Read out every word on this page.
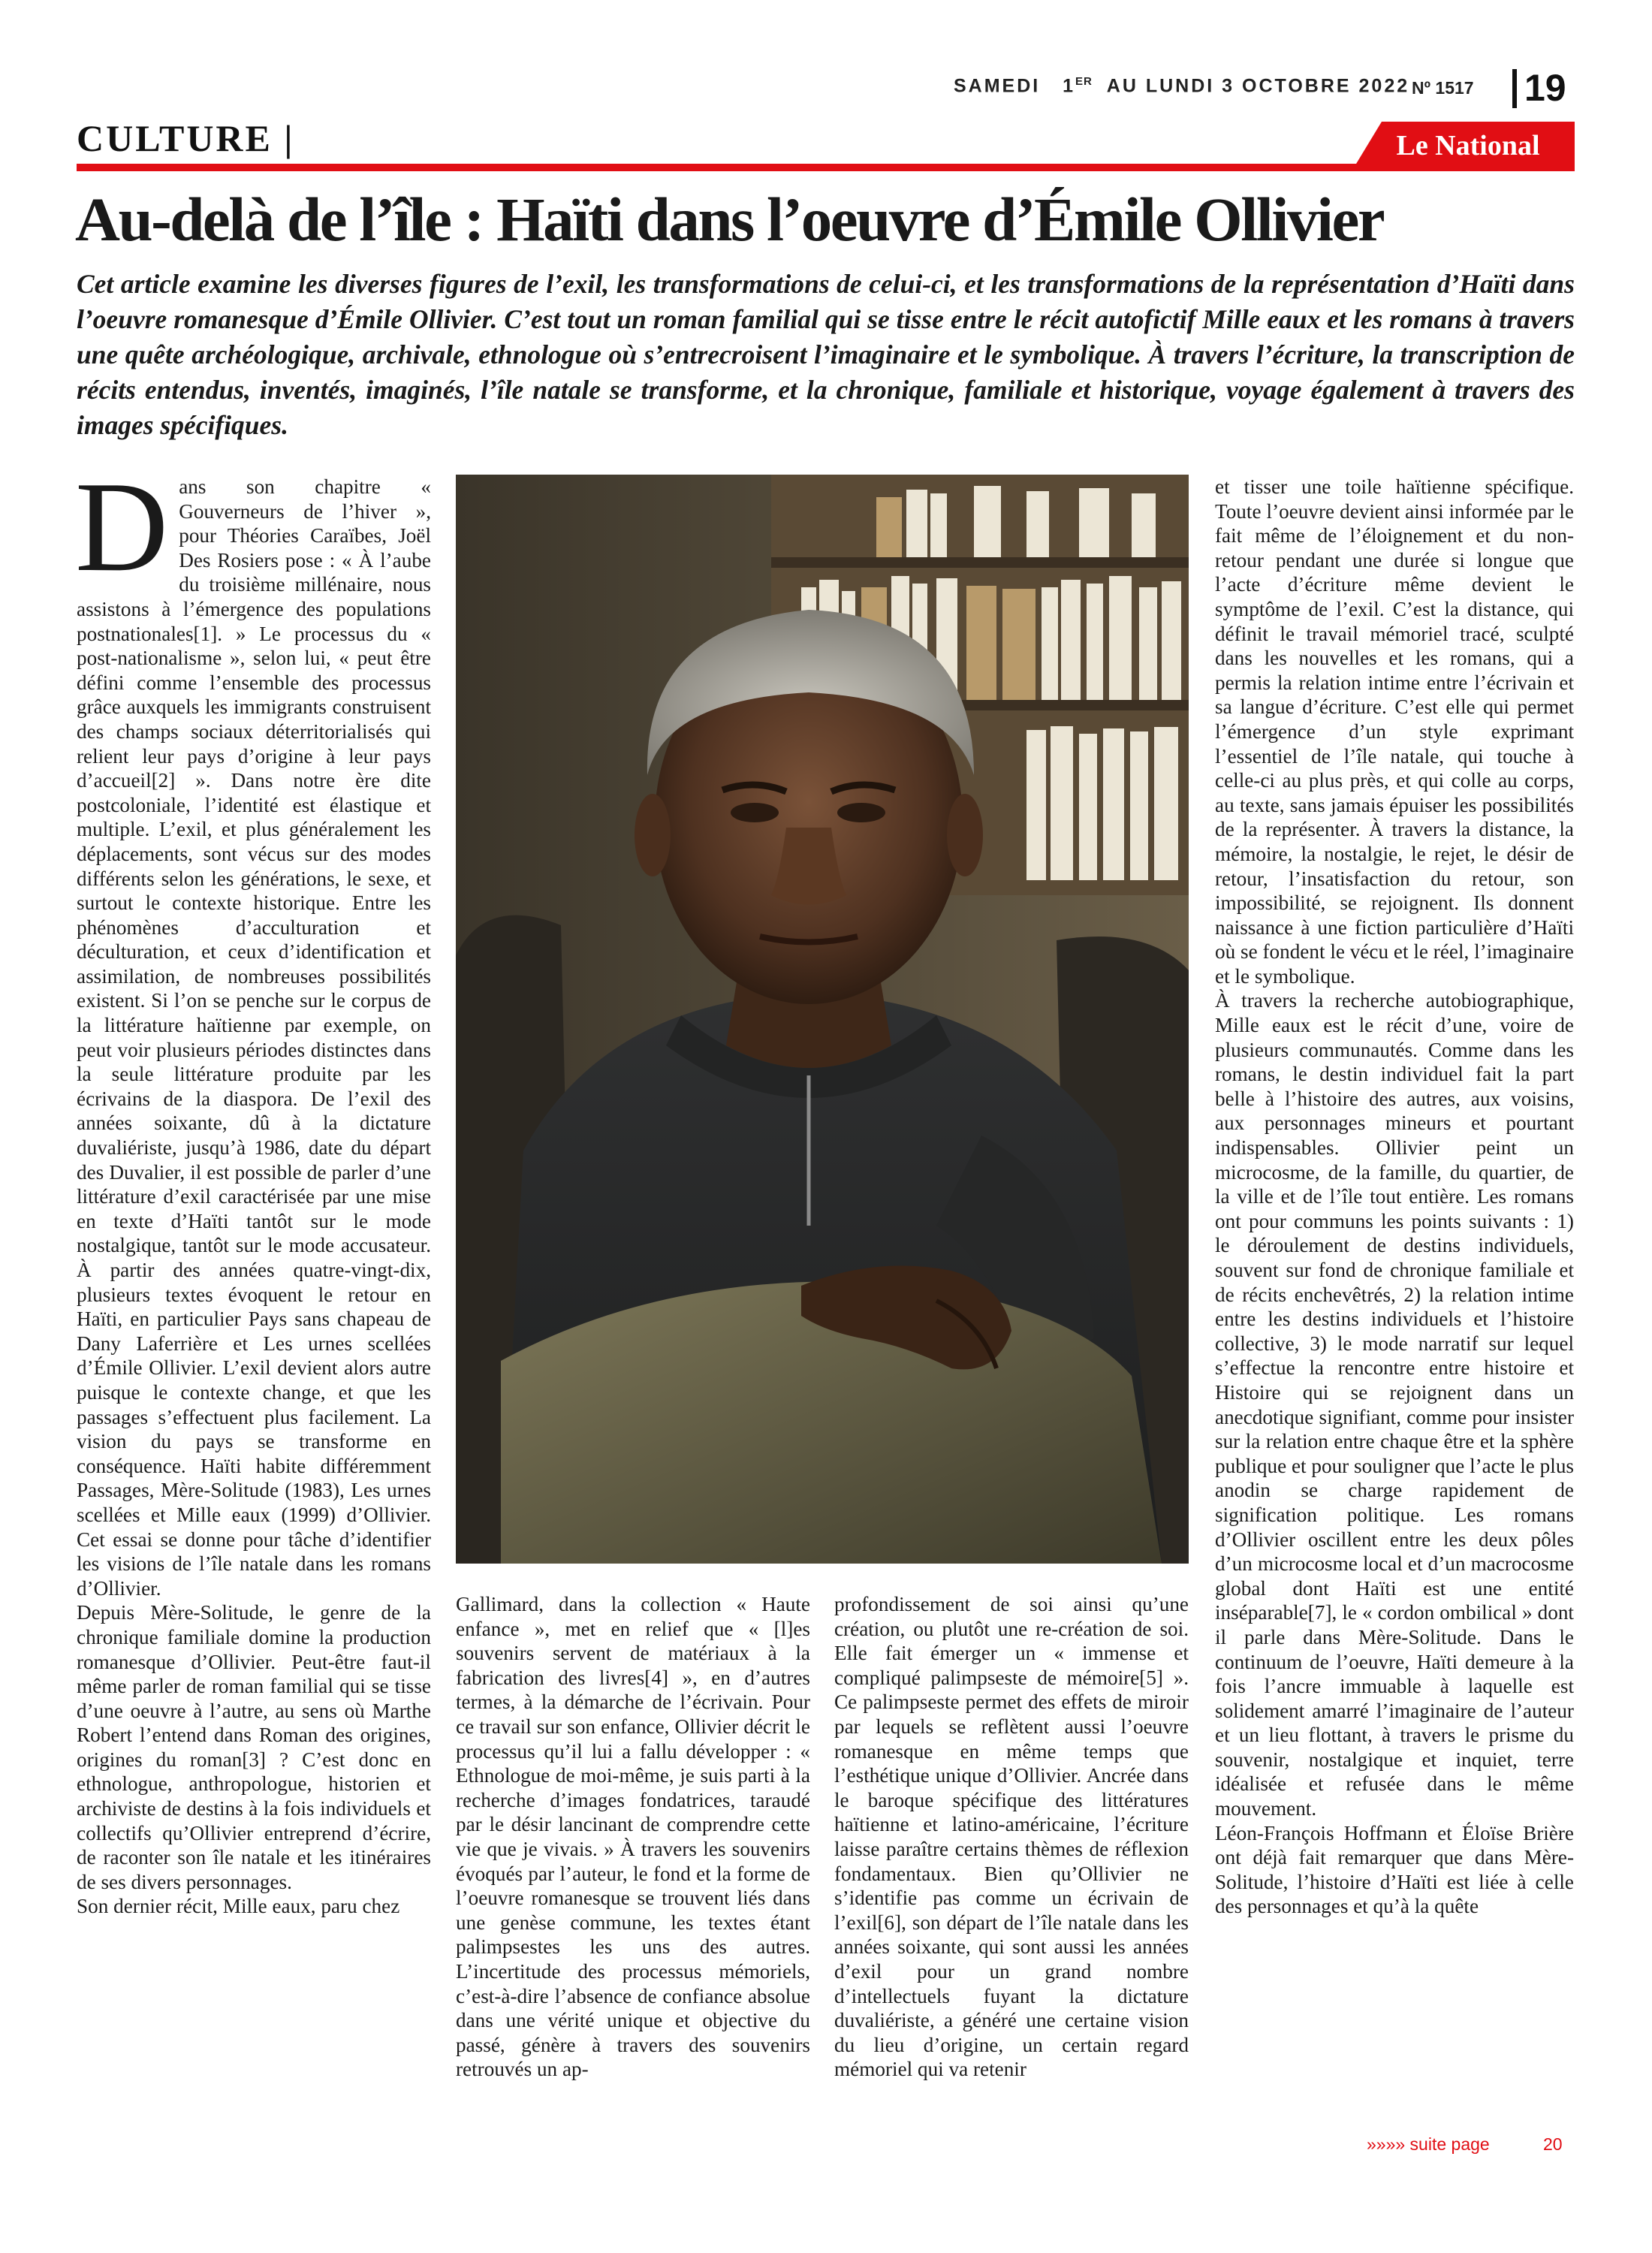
SAMEDI 1ER AU LUNDI 3 OCTOBRE 2022 Nº 1517 19
CULTURE |	Le National
Au-delà de l’île : Haïti dans l’oeuvre d’Émile Ollivier
Cet article examine les diverses figures de l’exil, les transformations de celui-ci, et les transformations de la représentation d’Haïti dans l’oeuvre romanesque d’Émile Ollivier. C’est tout un roman familial qui se tisse entre le récit autofictif Mille eaux et les romans à travers une quête archéologique, archivale, ethnologue où s’entrecroisent l’imaginaire et le symbolique. À travers l’écriture, la transcription de récits entendus, inventés, imaginés, l’île natale se transforme, et la chronique, familiale et historique, voyage également à travers des images spécifiques.
D ans son chapitre « Gouverneurs de l’hiver », pour Théories Caraïbes, Joël Des Rosiers pose : « À l’aube du troisième millénaire, nous assistons à l’émergence des populations postnationales[1]. » Le processus du « post-nationalisme », selon lui, « peut être défini comme l’ensemble des processus grâce auxquels les immigrants construisent des champs sociaux déterritorialisés qui relient leur pays d’origine à leur pays d’accueil[2] ». Dans notre ère dite postcoloniale, l’identité est élastique et multiple. L’exil, et plus généralement les déplacements, sont vécus sur des modes différents selon les générations, le sexe, et surtout le contexte historique. Entre les phénomènes d’acculturation et déculturation, et ceux d’identification et assimilation, de nombreuses possibilités existent. Si l’on se penche sur le corpus de la littérature haïtienne par exemple, on peut voir plusieurs périodes distinctes dans la seule littérature produite par les écrivains de la diaspora. De l’exil des années soixante, dû à la dictature duvaliériste, jusqu’à 1986, date du départ des Duvalier, il est possible de parler d’une littérature d’exil caractérisée par une mise en texte d’Haïti tantôt sur le mode nostalgique, tantôt sur le mode accusateur. À partir des années quatre-vingt-dix, plusieurs textes évoquent le retour en Haïti, en particulier Pays sans chapeau de Dany Laferrière et Les urnes scellées d’Émile Ollivier. L’exil devient alors autre puisque le contexte change, et que les passages s’effectuent plus facilement. La vision du pays se transforme en conséquence. Haïti habite différemment Passages, Mère-Solitude (1983), Les urnes scellées et Mille eaux (1999) d’Ollivier. Cet essai se donne pour tâche d’identifier les visions de l’île natale dans les romans d’Ollivier.

Depuis Mère-Solitude, le genre de la chronique familiale domine la production romanesque d’Ollivier. Peut-être faut-il même parler de roman familial qui se tisse d’une oeuvre à l’autre, au sens où Marthe Robert l’entend dans Roman des origines, origines du roman[3] ? C’est donc en ethnologue, anthropologue, historien et archiviste de destins à la fois individuels et collectifs qu’Ollivier entreprend d’écrire, de raconter son île natale et les itinéraires de ses divers personnages.

Son dernier récit, Mille eaux, paru chez

Gallimard, dans la collection « Haute enfance », met en relief que « [l]es souvenirs servent de matériaux à la fabrication des livres[4] », en d’autres termes, à la démarche de l’écrivain. Pour ce travail sur son enfance, Ollivier décrit le processus qu’il lui a fallu développer : « Ethnologue de moi-même, je suis parti à la recherche d’images fondatrices, taraudé par le désir lancinant de comprendre cette vie que je vivais. » À travers les souvenirs évoqués par l’auteur, le fond et la forme de l’oeuvre romanesque se trouvent liés dans une genèse commune, les textes étant palimpsestes les uns des autres. L’incertitude des processus mémoriels, c’est-à-dire l’absence de confiance absolue dans une vérité unique et objective du passé, génère à travers des souvenirs retrouvés un ap-

profondissement de soi ainsi qu’une création, ou plutôt une re-création de soi. Elle fait émerger un « immense et compliqué palimpseste de mémoire[5] ». Ce palimpseste permet des effets de miroir par lequels se reflètent aussi l’oeuvre romanesque en même temps que l’esthétique unique d’Ollivier. Ancrée dans le baroque spécifique des littératures haïtienne et latino-américaine, l’écriture laisse paraître certains thèmes de réflexion fondamentaux. Bien qu’Ollivier ne s’identifie pas comme un écrivain de l’exil[6], son départ de l’île natale dans les années soixante, qui sont aussi les années d’exil pour un grand nombre d’intellectuels fuyant la dictature duvaliériste, a généré une certaine vision du lieu d’origine, un certain regard mémoriel qui va retenir

et tisser une toile haïtienne spécifique. Toute l’oeuvre devient ainsi informée par le fait même de l’éloignement et du non-retour pendant une durée si longue que l’acte d’écriture même devient le symptôme de l’exil. C’est la distance, qui définit le travail mémoriel tracé, sculpté dans les nouvelles et les romans, qui a permis la relation intime entre l’écrivain et sa langue d’écriture. C’est elle qui permet l’émergence d’un style exprimant l’essentiel de l’île natale, qui touche à celle-ci au plus près, et qui colle au corps, au texte, sans jamais épuiser les possibilités de la représenter. À travers la distance, la mémoire, la nostalgie, le rejet, le désir de retour, l’insatisfaction du retour, son impossibilité, se rejoignent. Ils donnent naissance à une fiction particulière d’Haïti où se fondent le vécu et le réel, l’imaginaire et le symbolique.

À travers la recherche autobiographique, Mille eaux est le récit d’une, voire de plusieurs communautés. Comme dans les romans, le destin individuel fait la part belle à l’histoire des autres, aux voisins, aux personnages mineurs et pourtant indispensables. Ollivier peint un microcosme, de la famille, du quartier, de la ville et de l’île tout entière. Les romans ont pour communs les points suivants : 1) le déroulement de destins individuels, souvent sur fond de chronique familiale et de récits enchevêtrés, 2) la relation intime entre les destins individuels et l’histoire collective, 3) le mode narratif sur lequel s’effectue la rencontre entre histoire et Histoire qui se rejoignent dans un anecdotique signifiant, comme pour insister sur la relation entre chaque être et la sphère publique et pour souligner que l’acte le plus anodin se charge rapidement de signification politique. Les romans d’Ollivier oscillent entre les deux pôles d’un microcosme local et d’un macrocosme global dont Haïti est une entité inséparable[7], le « cordon ombilical » dont il parle dans Mère-Solitude. Dans le continuum de l’oeuvre, Haïti demeure à la fois l’ancre immuable à laquelle est solidement amarré l’imaginaire de l’auteur et un lieu flottant, à travers le prisme du souvenir, nostalgique et inquiet, terre idéalisée et refusée dans le même mouvement.

Léon-François Hoffmann et Éloïse Brière ont déjà fait remarquer que dans Mère-Solitude, l’histoire d’Haïti est liée à celle des personnages et qu’à la quête

»»»» suite page	20
